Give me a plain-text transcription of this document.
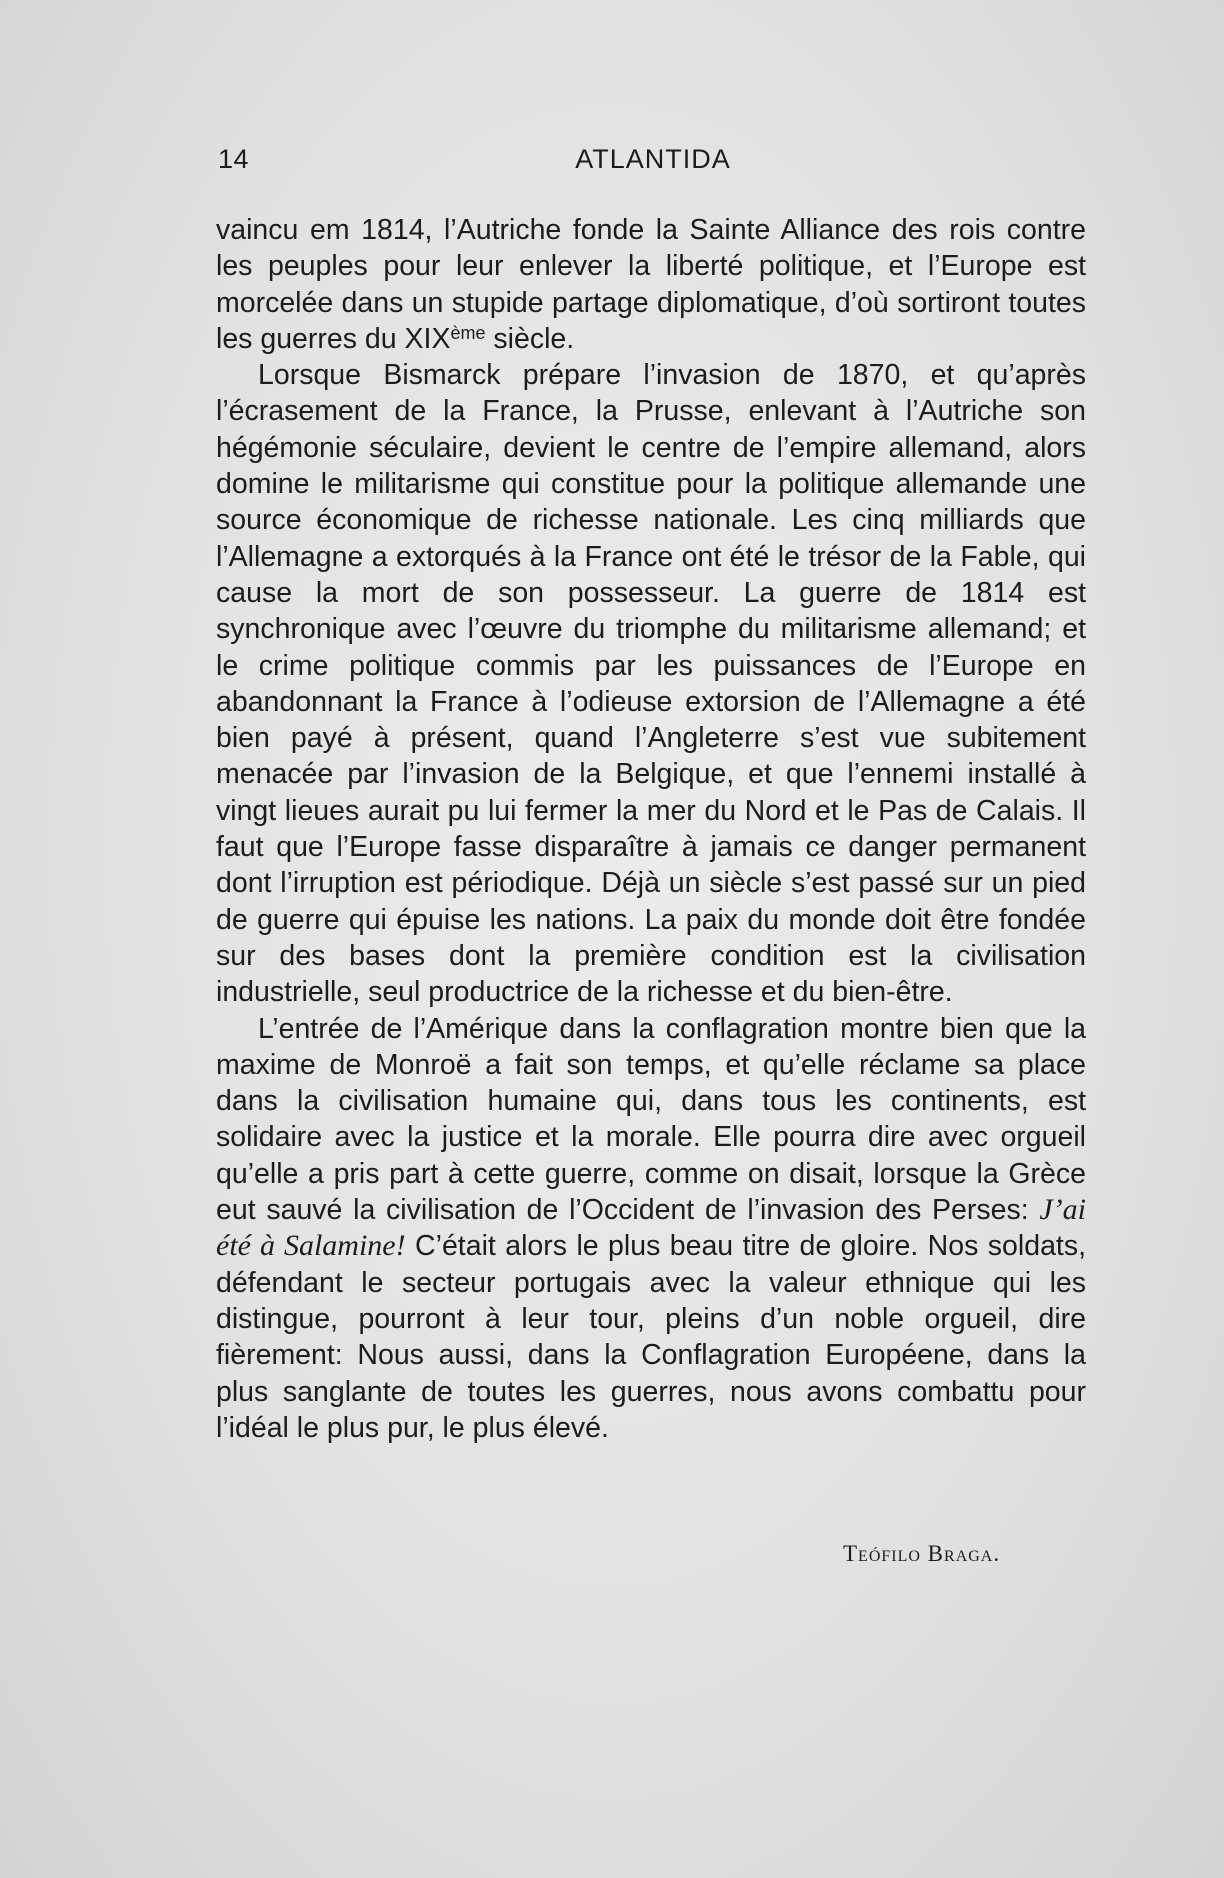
14	ATLANTIDA

vaincu em 1814, l’Autriche fonde la Sainte Alliance des rois contre les peuples pour leur enlever la liberté politique, et l’Europe est morcelée dans un stupide partage diplomatique, d’où sortiront toutes les guerres du XIXème siècle.

Lorsque Bismarck prépare l’invasion de 1870, et qu’après l’écrasement de la France, la Prusse, enlevant à l’Autriche son hégémonie séculaire, devient le centre de l’empire allemand, alors domine le militarisme qui constitue pour la politique allemande une source économique de richesse nationale. Les cinq milliards que l’Allemagne a extorqués à la France ont été le trésor de la Fable, qui cause la mort de son possesseur. La guerre de 1814 est synchronique avec l’œuvre du triomphe du militarisme allemand; et le crime politique commis par les puissances de l’Europe en abandonnant la France à l’odieuse extorsion de l’Allemagne a été bien payé à présent, quand l’Angleterre s’est vue subitement menacée par l’invasion de la Belgique, et que l’ennemi installé à vingt lieues aurait pu lui fermer la mer du Nord et le Pas de Calais. Il faut que l’Europe fasse disparaître à jamais ce danger permanent dont l’irruption est périodique. Déjà un siècle s’est passé sur un pied de guerre qui épuise les nations. La paix du monde doit être fondée sur des bases dont la première condition est la civilisation industrielle, seul productrice de la richesse et du bien-être.

L’entrée de l’Amérique dans la conflagration montre bien que la maxime de Monroë a fait son temps, et qu’elle réclame sa place dans la civilisation humaine qui, dans tous les continents, est solidaire avec la justice et la morale. Elle pourra dire avec orgueil qu’elle a pris part à cette guerre, comme on disait, lorsque la Grèce eut sauvé la civilisation de l’Occident de l’invasion des Perses: J’ai été à Salamine! C’était alors le plus beau titre de gloire. Nos soldats, défendant le secteur portugais avec la valeur ethnique qui les distingue, pourront à leur tour, pleins d’un noble orgueil, dire fièrement: Nous aussi, dans la Conflagration Européene, dans la plus sanglante de toutes les guerres, nous avons combattu pour l’idéal le plus pur, le plus élevé.

Teófilo Braga.
